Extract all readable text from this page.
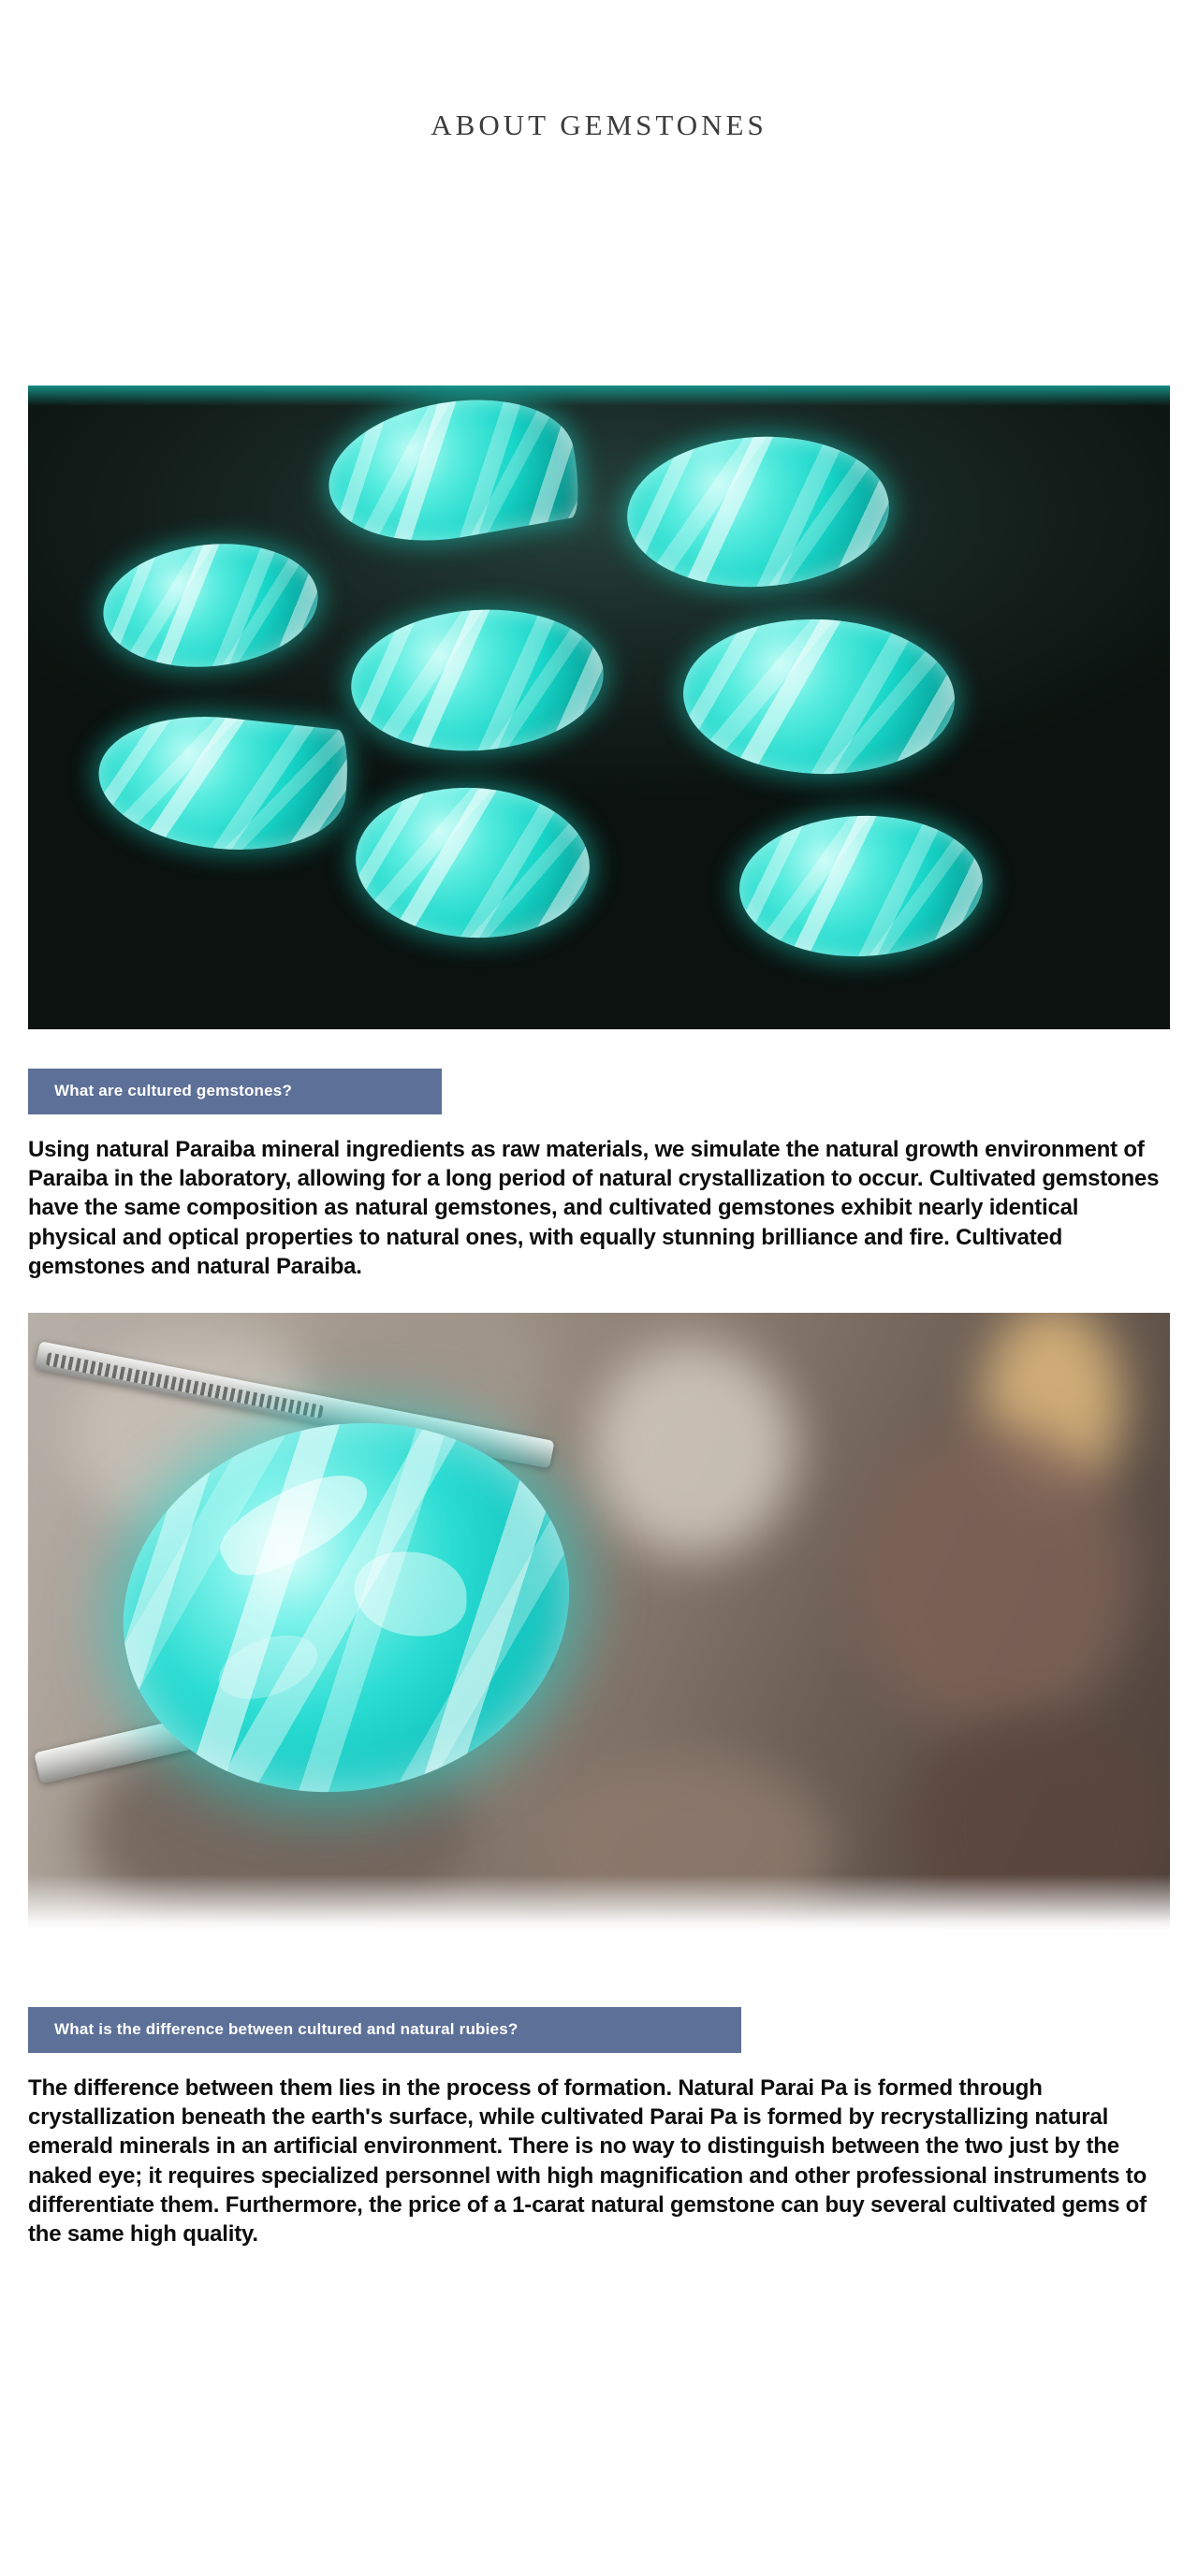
ABOUT GEMSTONES
What are cultured gemstones?
Using natural Paraiba mineral ingredients as raw materials, we simulate the natural growth environment of Paraiba in the laboratory, allowing for a long period of natural crystallization to occur. Cultivated gemstones have the same composition as natural gemstones, and cultivated gemstones exhibit nearly identical physical and optical properties to natural ones, with equally stunning brilliance and fire. Cultivated gemstones and natural Paraiba.
What is the difference between cultured and natural rubies?
The difference between them lies in the process of formation. Natural Parai Pa is formed through crystallization beneath the earth's surface, while cultivated Parai Pa is formed by recrystallizing natural emerald minerals in an artificial environment. There is no way to distinguish between the two just by the naked eye; it requires specialized personnel with high magnification and other professional instruments to differentiate them. Furthermore, the price of a 1-carat natural gemstone can buy several cultivated gems of the same high quality.
